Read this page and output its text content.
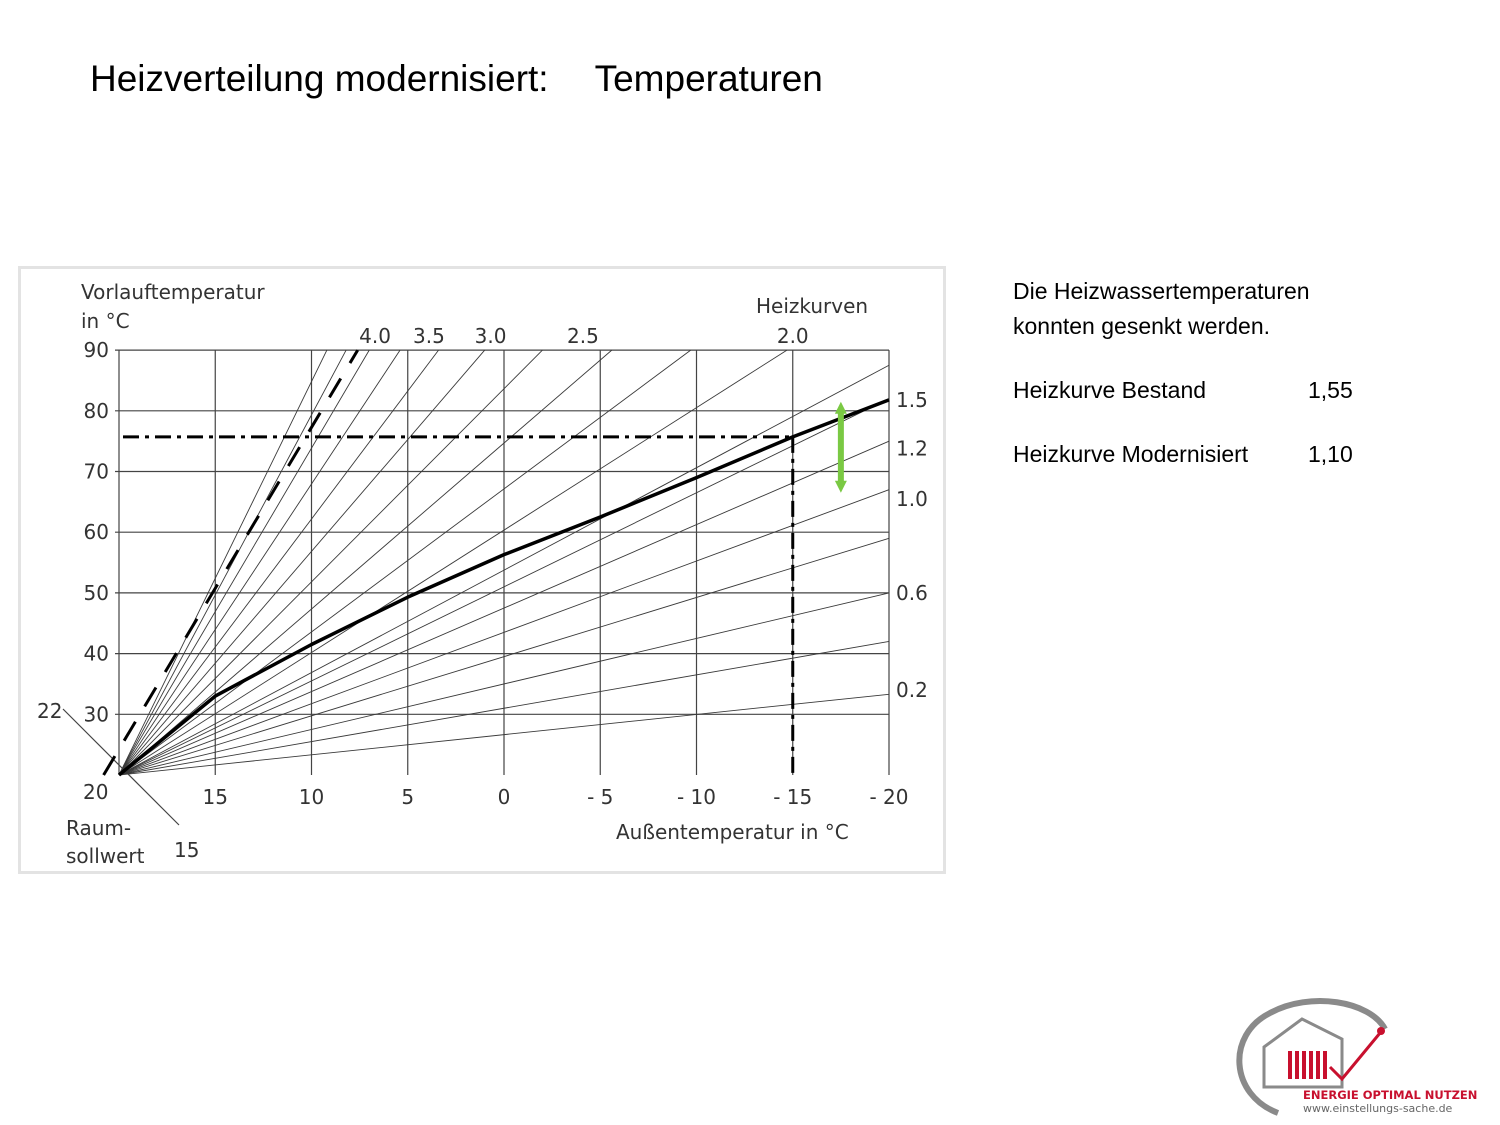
Heizverteilung modernisiert: Temperaturen
Vorlauftemperatur
in °C
Heizkurven
Außentemperatur in °C
20
22
15
Raum-
sollwert
15	10	5	0	- 5	- 10	- 15	- 20
30
40
50
60
70
80
90
4.0 3.5 3.0	2.5	2.0
1.5
1.2
1.0
0.6
0.2
Die Heizwassertemperaturen
konnten gesenkt werden.
Heizkurve Bestand	1,55
Heizkurve Modernisiert	1,10
ENERGIE OPTIMAL NUTZEN
www.einstellungs-sache.de
